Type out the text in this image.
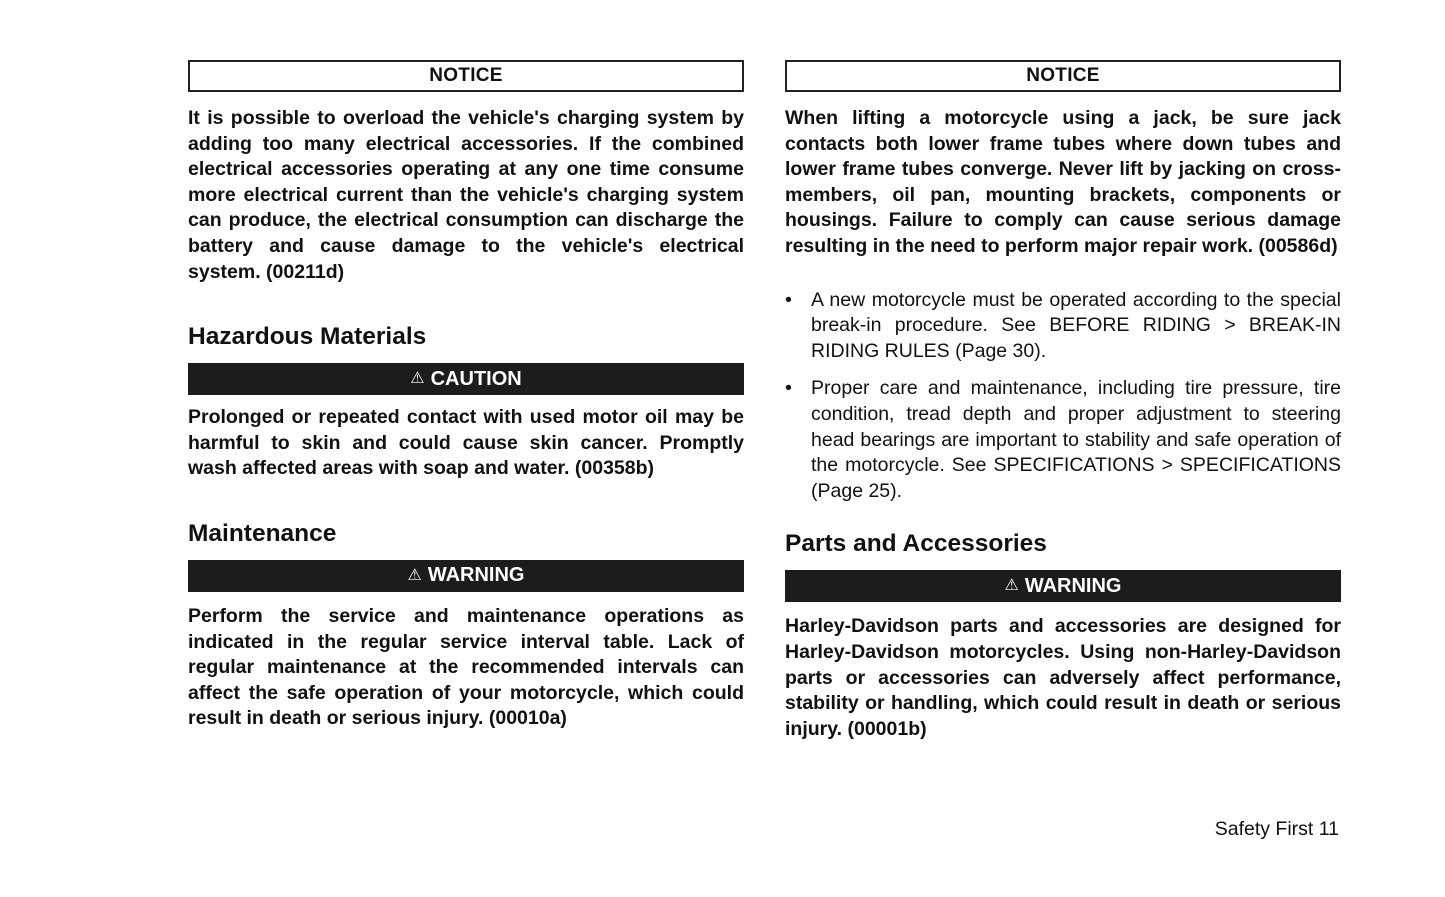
NOTICE

It is possible to overload the vehicle's charging system by adding too many electrical accessories. If the combined electrical accessories operating at any one time consume more electrical current than the vehicle's charging system can produce, the electrical consumption can discharge the battery and cause damage to the vehicle's electrical system. (00211d)

Hazardous Materials
⚠ CAUTION

Prolonged or repeated contact with used motor oil may be harmful to skin and could cause skin cancer. Promptly wash affected areas with soap and water. (00358b)

Maintenance
⚠ WARNING

Perform the service and maintenance operations as indicated in the regular service interval table. Lack of regular maintenance at the recommended intervals can affect the safe operation of your motorcycle, which could result in death or serious injury. (00010a)

NOTICE

When lifting a motorcycle using a jack, be sure jack contacts both lower frame tubes where down tubes and lower frame tubes converge. Never lift by jacking on cross-members, oil pan, mounting brackets, components or housings. Failure to comply can cause serious damage resulting in the need to perform major repair work. (00586d)

• A new motorcycle must be operated according to the special break-in procedure. See BEFORE RIDING > BREAK-IN RIDING RULES (Page 30).
• Proper care and maintenance, including tire pressure, tire condition, tread depth and proper adjustment to steering head bearings are important to stability and safe operation of the motorcycle. See SPECIFICATIONS > SPECIFICATIONS (Page 25).
Parts and Accessories
⚠ WARNING

Harley-Davidson parts and accessories are designed for Harley-Davidson motorcycles. Using non-Harley-Davidson parts or accessories can adversely affect performance, stability or handling, which could result in death or serious injury. (00001b)

Safety First 11
